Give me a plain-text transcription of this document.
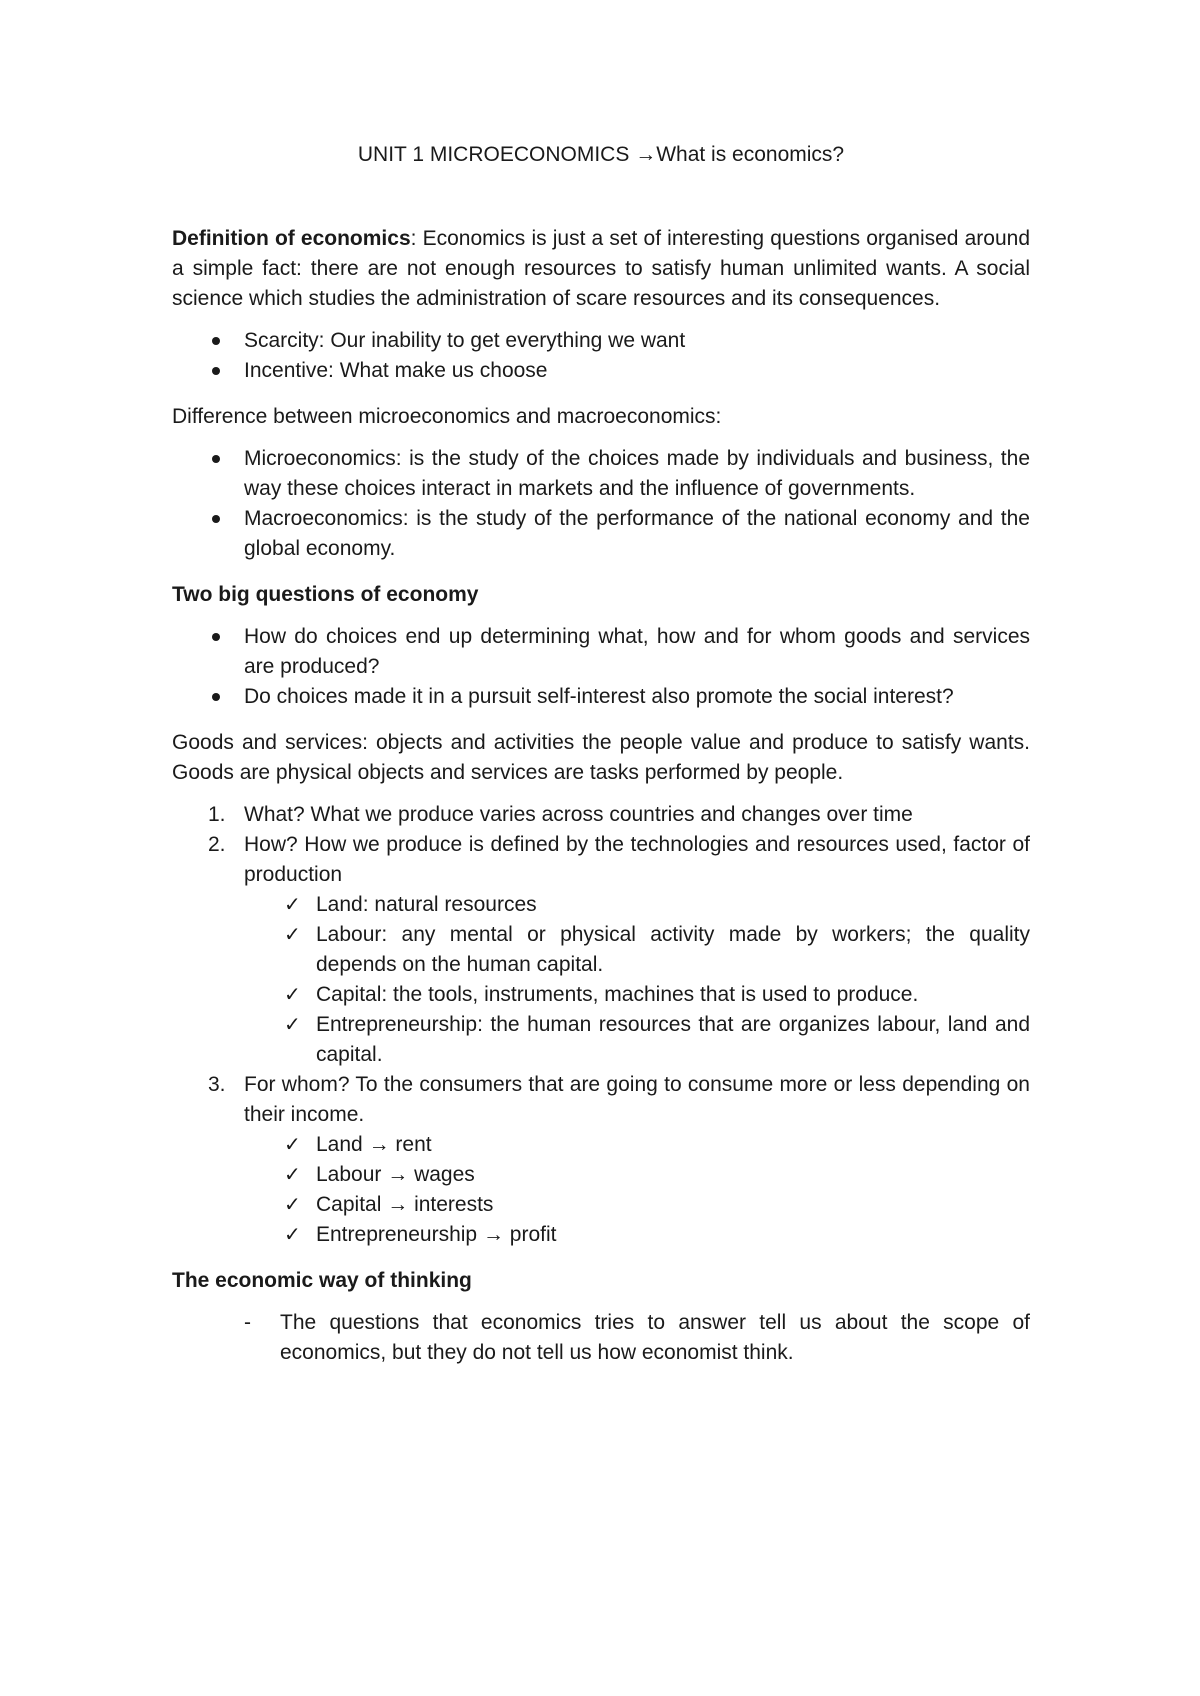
UNIT 1 MICROECONOMICS →What is economics?

Definition of economics: Economics is just a set of interesting questions organised around a simple fact: there are not enough resources to satisfy human unlimited wants. A social science which studies the administration of scare resources and its consequences.

Scarcity: Our inability to get everything we want
Incentive: What make us choose

Difference between microeconomics and macroeconomics:

Microeconomics: is the study of the choices made by individuals and business, the way these choices interact in markets and the influence of governments.
Macroeconomics: is the study of the performance of the national economy and the global economy.

Two big questions of economy

How do choices end up determining what, how and for whom goods and services are produced?
Do choices made it in a pursuit self-interest also promote the social interest?

Goods and services: objects and activities the people value and produce to satisfy wants. Goods are physical objects and services are tasks performed by people.

1. What? What we produce varies across countries and changes over time
2. How? How we produce is defined by the technologies and resources used, factor of production
✓ Land: natural resources
✓ Labour: any mental or physical activity made by workers; the quality depends on the human capital.
✓ Capital: the tools, instruments, machines that is used to produce.
✓ Entrepreneurship: the human resources that are organizes labour, land and capital.
3. For whom? To the consumers that are going to consume more or less depending on their income.
✓ Land → rent
✓ Labour → wages
✓ Capital → interests
✓ Entrepreneurship → profit

The economic way of thinking

- The questions that economics tries to answer tell us about the scope of economics, but they do not tell us how economist think.
